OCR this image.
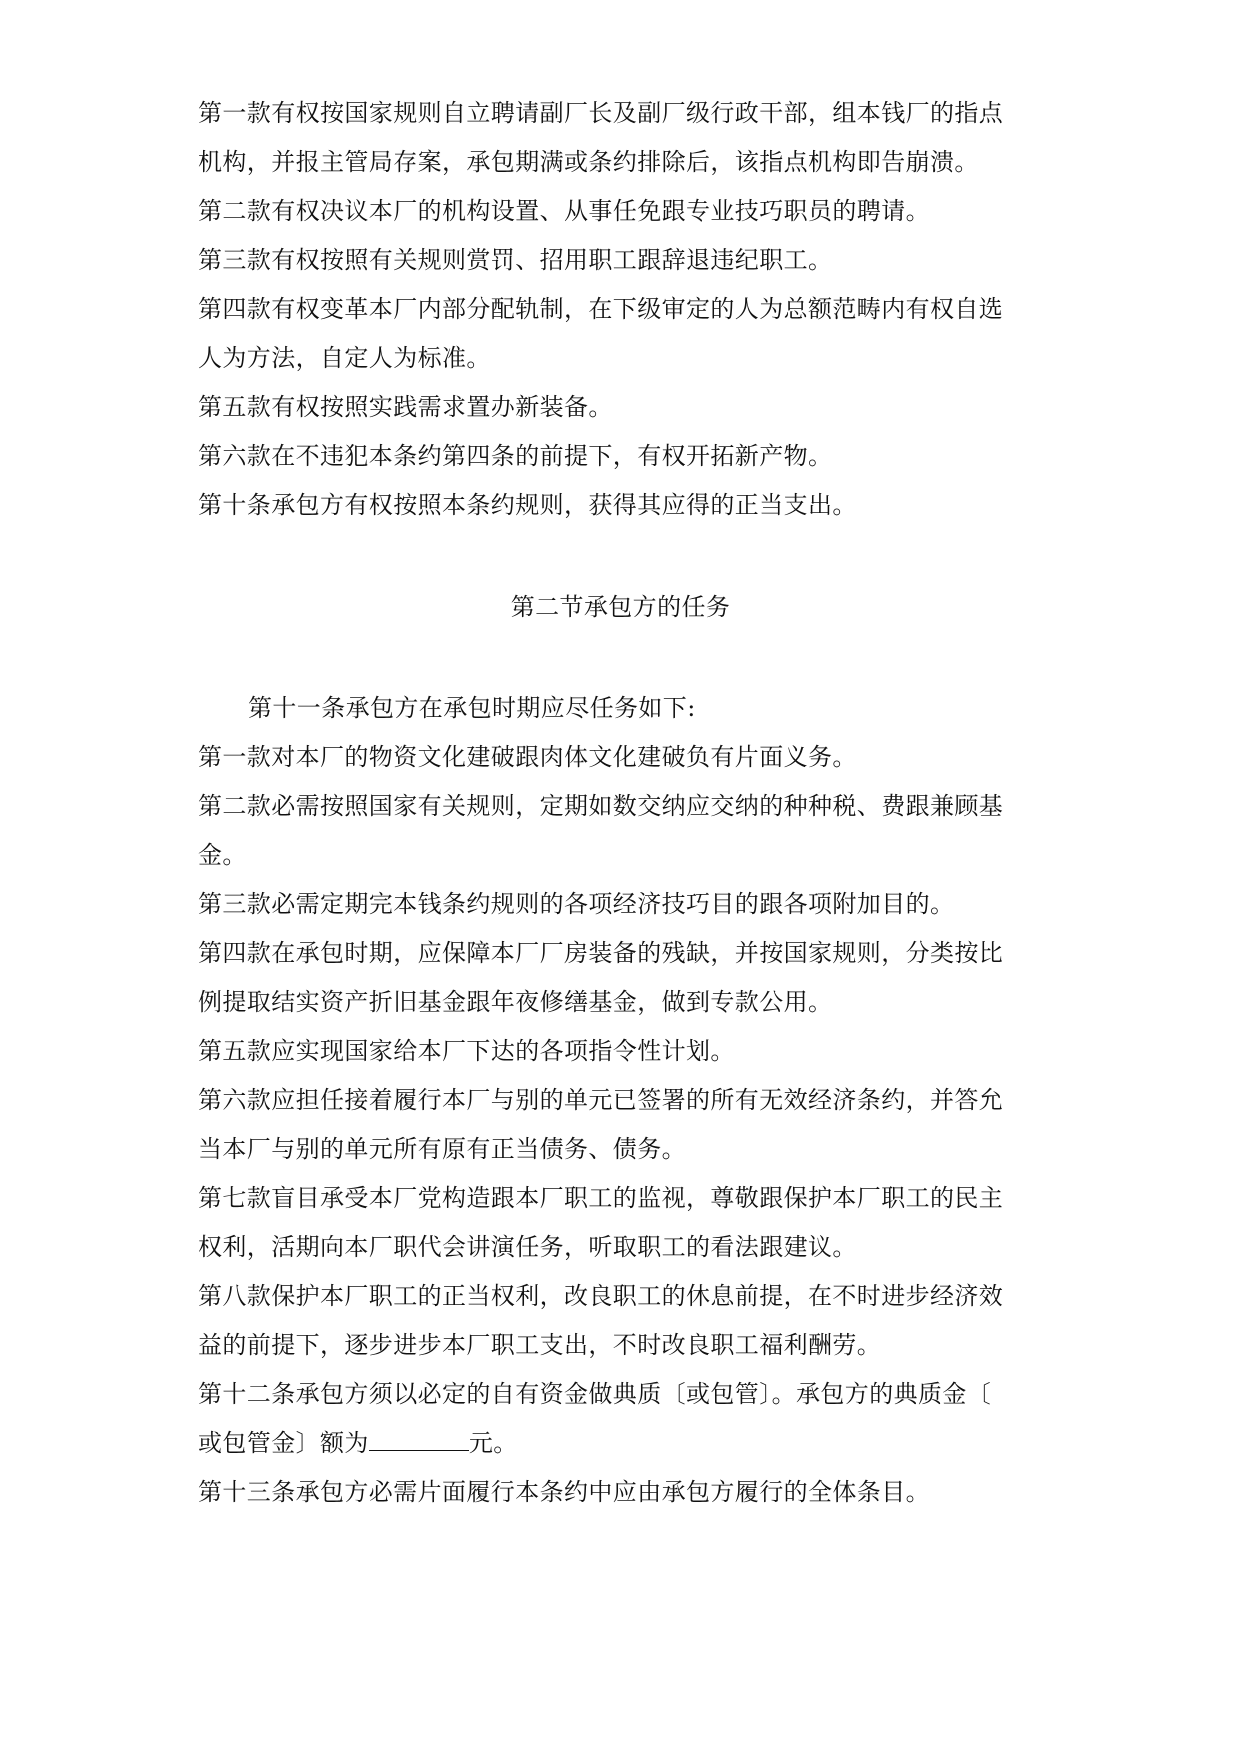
第一款有权按国家规则自立聘请副厂长及副厂级行政干部，组本钱厂的指点
机构，并报主管局存案，承包期满或条约排除后，该指点机构即告崩溃。
第二款有权决议本厂的机构设置、从事任免跟专业技巧职员的聘请。
第三款有权按照有关规则赏罚、招用职工跟辞退违纪职工。
第四款有权变革本厂内部分配轨制，在下级审定的人为总额范畴内有权自选
人为方法，自定人为标准。
第五款有权按照实践需求置办新装备。
第六款在不违犯本条约第四条的前提下，有权开拓新产物。
第十条承包方有权按照本条约规则，获得其应得的正当支出。
第二节承包方的任务
第十一条承包方在承包时期应尽任务如下:
第一款对本厂的物资文化建破跟肉体文化建破负有片面义务。
第二款必需按照国家有关规则，定期如数交纳应交纳的种种税、费跟兼顾基
金。
第三款必需定期完本钱条约规则的各项经济技巧目的跟各项附加目的。
第四款在承包时期，应保障本厂厂房装备的残缺，并按国家规则，分类按比
例提取结实资产折旧基金跟年夜修缮基金，做到专款公用。
第五款应实现国家给本厂下达的各项指令性计划。
第六款应担任接着履行本厂与别的单元已签署的所有无效经济条约，并答允
当本厂与别的单元所有原有正当债务、债务。
第七款盲目承受本厂党构造跟本厂职工的监视，尊敬跟保护本厂职工的民主
权利，活期向本厂职代会讲演任务，听取职工的看法跟建议。
第八款保护本厂职工的正当权利，改良职工的休息前提，在不时进步经济效
益的前提下，逐步进步本厂职工支出，不时改良职工福利酬劳。
第十二条承包方须以必定的自有资金做典质〔或包管〕。承包方的典质金〔
或包管金〕额为	元。
第十三条承包方必需片面履行本条约中应由承包方履行的全体条目。
